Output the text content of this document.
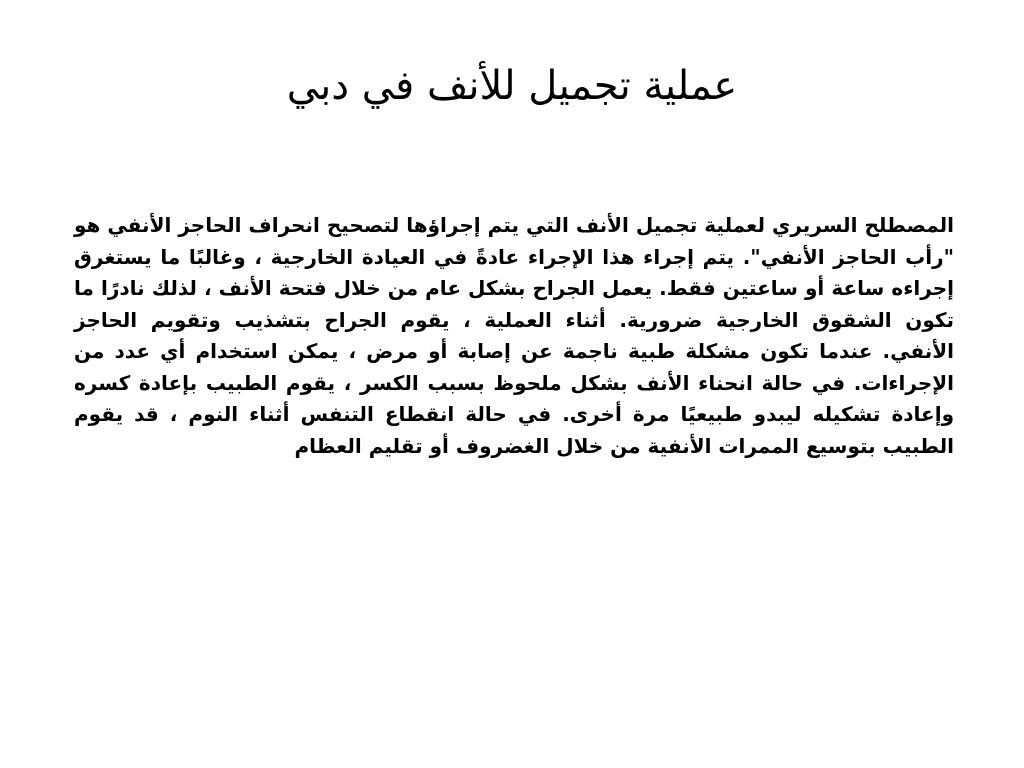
عملية تجميل للأنف في دبي

المصطلح السريري لعملية تجميل الأنف التي يتم إجراؤها لتصحيح انحراف الحاجز الأنفي هو "رأب الحاجز الأنفي". يتم إجراء هذا الإجراء عادةً في العيادة الخارجية ، وغالبًا ما يستغرق إجراءه ساعة أو ساعتين فقط. يعمل الجراح بشكل عام من خلال فتحة الأنف ، لذلك نادرًا ما تكون الشقوق الخارجية ضرورية. أثناء العملية ، يقوم الجراح بتشذيب وتقويم الحاجز الأنفي. عندما تكون مشكلة طبية ناجمة عن إصابة أو مرض ، يمكن استخدام أي عدد من الإجراءات. في حالة انحناء الأنف بشكل ملحوظ بسبب الكسر ، يقوم الطبيب بإعادة كسره وإعادة تشكيله ليبدو طبيعيًا مرة أخرى. في حالة انقطاع التنفس أثناء النوم ، قد يقوم الطبيب بتوسيع الممرات الأنفية من خلال الغضروف أو تقليم العظام
